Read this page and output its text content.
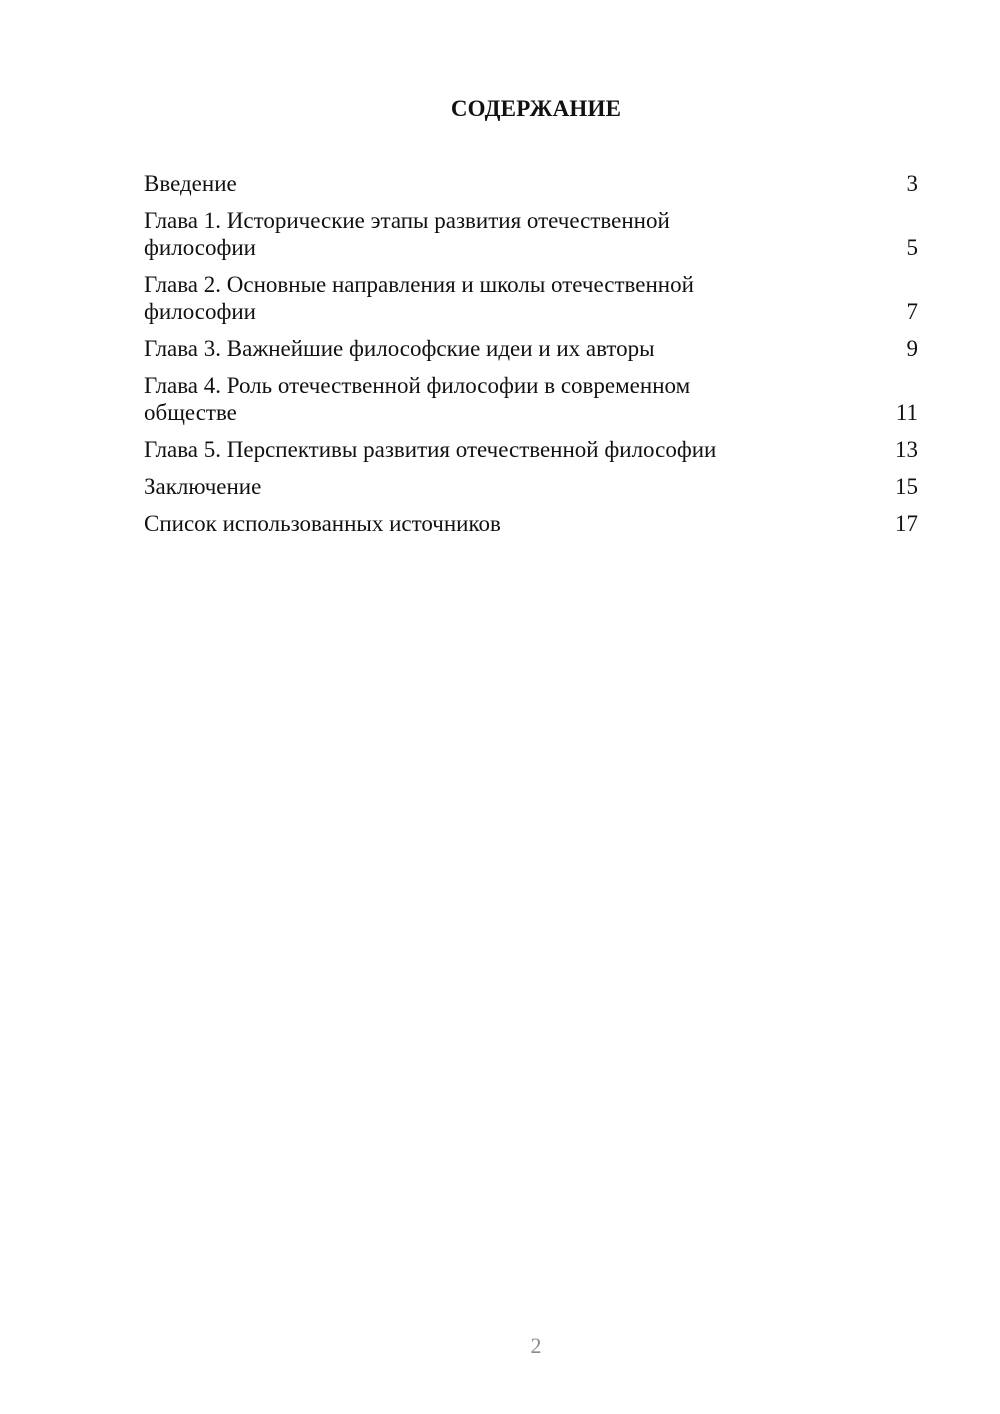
СОДЕРЖАНИЕ
Введение	3
Глава 1. Исторические этапы развития отечественной философии	5
Глава 2. Основные направления и школы отечественной философии	7
Глава 3. Важнейшие философские идеи и их авторы	9
Глава 4. Роль отечественной философии в современном обществе	11
Глава 5. Перспективы развития отечественной философии	13
Заключение	15
Список использованных источников	17
2
